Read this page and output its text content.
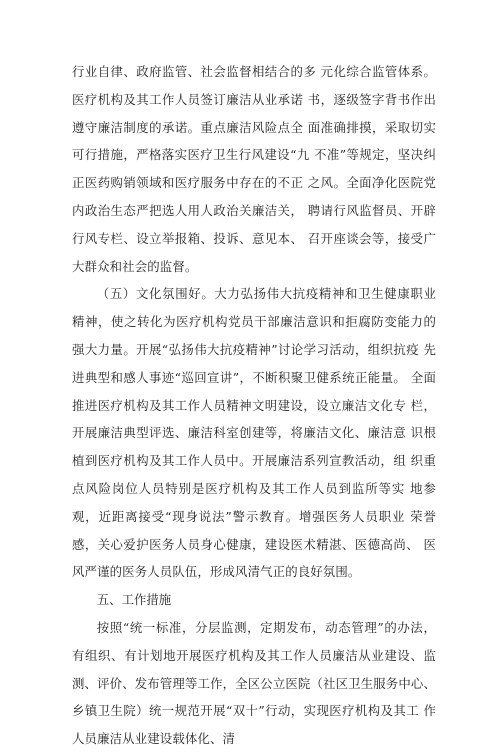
行业自律、政府监管、社会监督相结合的多 元化综合监管体系。医疗机构及其工作人员签订廉洁从业承诺 书，逐级签字背书作出遵守廉洁制度的承诺。重点廉洁风险点全 面准确排摸，采取切实可行措施，严格落实医疗卫生行风建设“九 不准”等规定，坚决纠正医药购销领域和医疗服务中存在的不正 之风。全面净化医院党内政治生态严把选人用人政治关廉洁关， 聘请行风监督员、开辟行风专栏、设立举报箱、投诉、意见本、 召开座谈会等，接受广大群众和社会的监督。

（五）文化氛围好。大力弘扬伟大抗疫精神和卫生健康职业 精神，使之转化为医疗机构党员干部廉洁意识和拒腐防变能力的 强大力量。开展“弘扬伟大抗疫精神”讨论学习活动，组织抗疫 先进典型和感人事迹“巡回宣讲”，不断积聚卫健系统正能量。 全面推进医疗机构及其工作人员精神文明建设，设立廉洁文化专 栏，开展廉洁典型评选、廉洁科室创建等，将廉洁文化、廉洁意 识根植到医疗机构及其工作人员中。开展廉洁系列宣教活动，组 织重点风险岗位人员特别是医疗机构及其工作人员到监所等实 地参观，近距离接受“现身说法”警示教育。增强医务人员职业 荣誉感，关心爱护医务人员身心健康，建设医术精湛、医德高尚、 医风严谨的医务人员队伍，形成风清气正的良好氛围。

五、工作措施

按照“统一标准，分层监测，定期发布，动态管理”的办法， 有组织、有计划地开展医疗机构及其工作人员廉洁从业建设、监 测、评价、发布管理等工作，全区公立医院（社区卫生服务中心、 乡镇卫生院）统一规范开展“双十”行动，实现医疗机构及其工 作人员廉洁从业建设载体化、清
